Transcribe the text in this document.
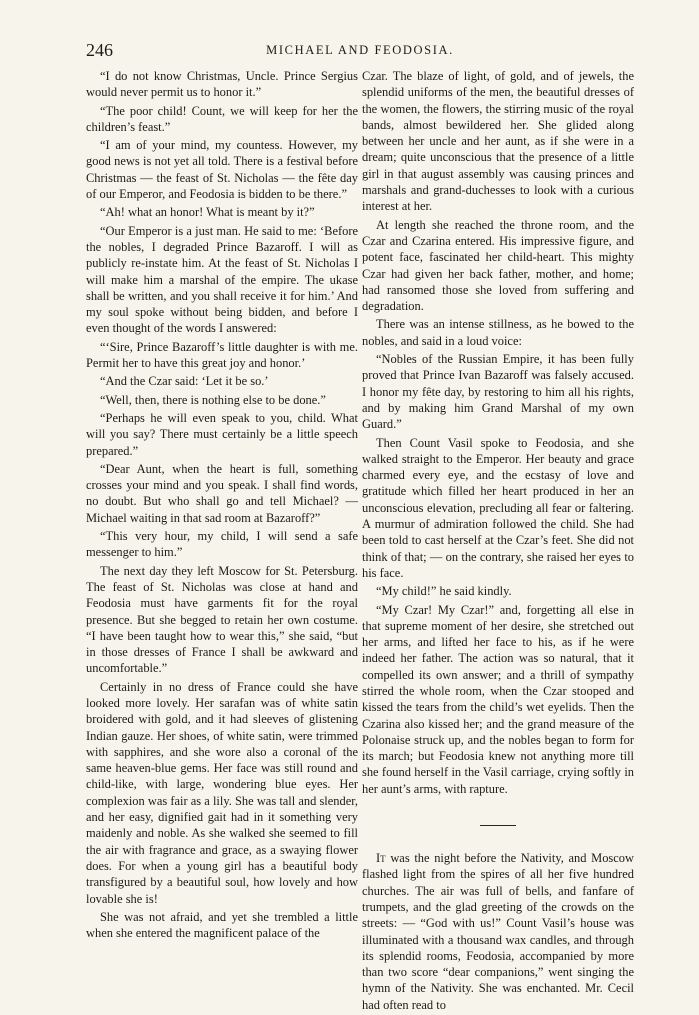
246	MICHAEL AND FEODOSIA.

“I do not know Christmas, Uncle. Prince Sergius would never permit us to honor it.”

“The poor child! Count, we will keep for her the children’s feast.”

“I am of your mind, my countess. However, my good news is not yet all told. There is a festival before Christmas — the feast of St. Nicholas — the fête day of our Emperor, and Feodosia is bidden to be there.”

“Ah! what an honor! What is meant by it?”

“Our Emperor is a just man. He said to me: ‘Before the nobles, I degraded Prince Bazaroff. I will as publicly re-instate him. At the feast of St. Nicholas I will make him a marshal of the empire. The ukase shall be written, and you shall receive it for him.’ And my soul spoke without being bidden, and before I even thought of the words I answered:

“‘Sire, Prince Bazaroff’s little daughter is with me. Permit her to have this great joy and honor.’

“And the Czar said: ‘Let it be so.’

“Well, then, there is nothing else to be done.”

“Perhaps he will even speak to you, child. What will you say? There must certainly be a little speech prepared.”

“Dear Aunt, when the heart is full, something crosses your mind and you speak. I shall find words, no doubt. But who shall go and tell Michael? — Michael waiting in that sad room at Bazaroff?”

“This very hour, my child, I will send a safe messenger to him.”

The next day they left Moscow for St. Petersburg. The feast of St. Nicholas was close at hand and Feodosia must have garments fit for the royal presence. But she begged to retain her own costume. “I have been taught how to wear this,” she said, “but in those dresses of France I shall be awkward and uncomfortable.”

Certainly in no dress of France could she have looked more lovely. Her sarafan was of white satin broidered with gold, and it had sleeves of glistening Indian gauze. Her shoes, of white satin, were trimmed with sapphires, and she wore also a coronal of the same heaven-blue gems. Her face was still round and child-like, with large, wondering blue eyes. Her complexion was fair as a lily. She was tall and slender, and her easy, dignified gait had in it something very maidenly and noble. As she walked she seemed to fill the air with fragrance and grace, as a swaying flower does. For when a young girl has a beautiful body transfigured by a beautiful soul, how lovely and how lovable she is!

She was not afraid, and yet she trembled a little when she entered the magnificent palace of the

Czar. The blaze of light, of gold, and of jewels, the splendid uniforms of the men, the beautiful dresses of the women, the flowers, the stirring music of the royal bands, almost bewildered her. She glided along between her uncle and her aunt, as if she were in a dream; quite unconscious that the presence of a little girl in that august assembly was causing princes and marshals and grand-duchesses to look with a curious interest at her.

At length she reached the throne room, and the Czar and Czarina entered. His impressive figure, and potent face, fascinated her child-heart. This mighty Czar had given her back father, mother, and home; had ransomed those she loved from suffering and degradation.

There was an intense stillness, as he bowed to the nobles, and said in a loud voice:

“Nobles of the Russian Empire, it has been fully proved that Prince Ivan Bazaroff was falsely accused. I honor my fête day, by restoring to him all his rights, and by making him Grand Marshal of my own Guard.”

Then Count Vasil spoke to Feodosia, and she walked straight to the Emperor. Her beauty and grace charmed every eye, and the ecstasy of love and gratitude which filled her heart produced in her an unconscious elevation, precluding all fear or faltering. A murmur of admiration followed the child. She had been told to cast herself at the Czar’s feet. She did not think of that; — on the contrary, she raised her eyes to his face.

“My child!” he said kindly.

“My Czar! My Czar!” and, forgetting all else in that supreme moment of her desire, she stretched out her arms, and lifted her face to his, as if he were indeed her father. The action was so natural, that it compelled its own answer; and a thrill of sympathy stirred the whole room, when the Czar stooped and kissed the tears from the child’s wet eyelids. Then the Czarina also kissed her; and the grand measure of the Polonaise struck up, and the nobles began to form for its march; but Feodosia knew not anything more till she found herself in the Vasil carriage, crying softly in her aunt’s arms, with rapture.

It was the night before the Nativity, and Moscow flashed light from the spires of all her five hundred churches. The air was full of bells, and fanfare of trumpets, and the glad greeting of the crowds on the streets: — “God with us!” Count Vasil’s house was illuminated with a thousand wax candles, and through its splendid rooms, Feodosia, accompanied by more than two score “dear companions,” went singing the hymn of the Nativity. She was enchanted. Mr. Cecil had often read to
